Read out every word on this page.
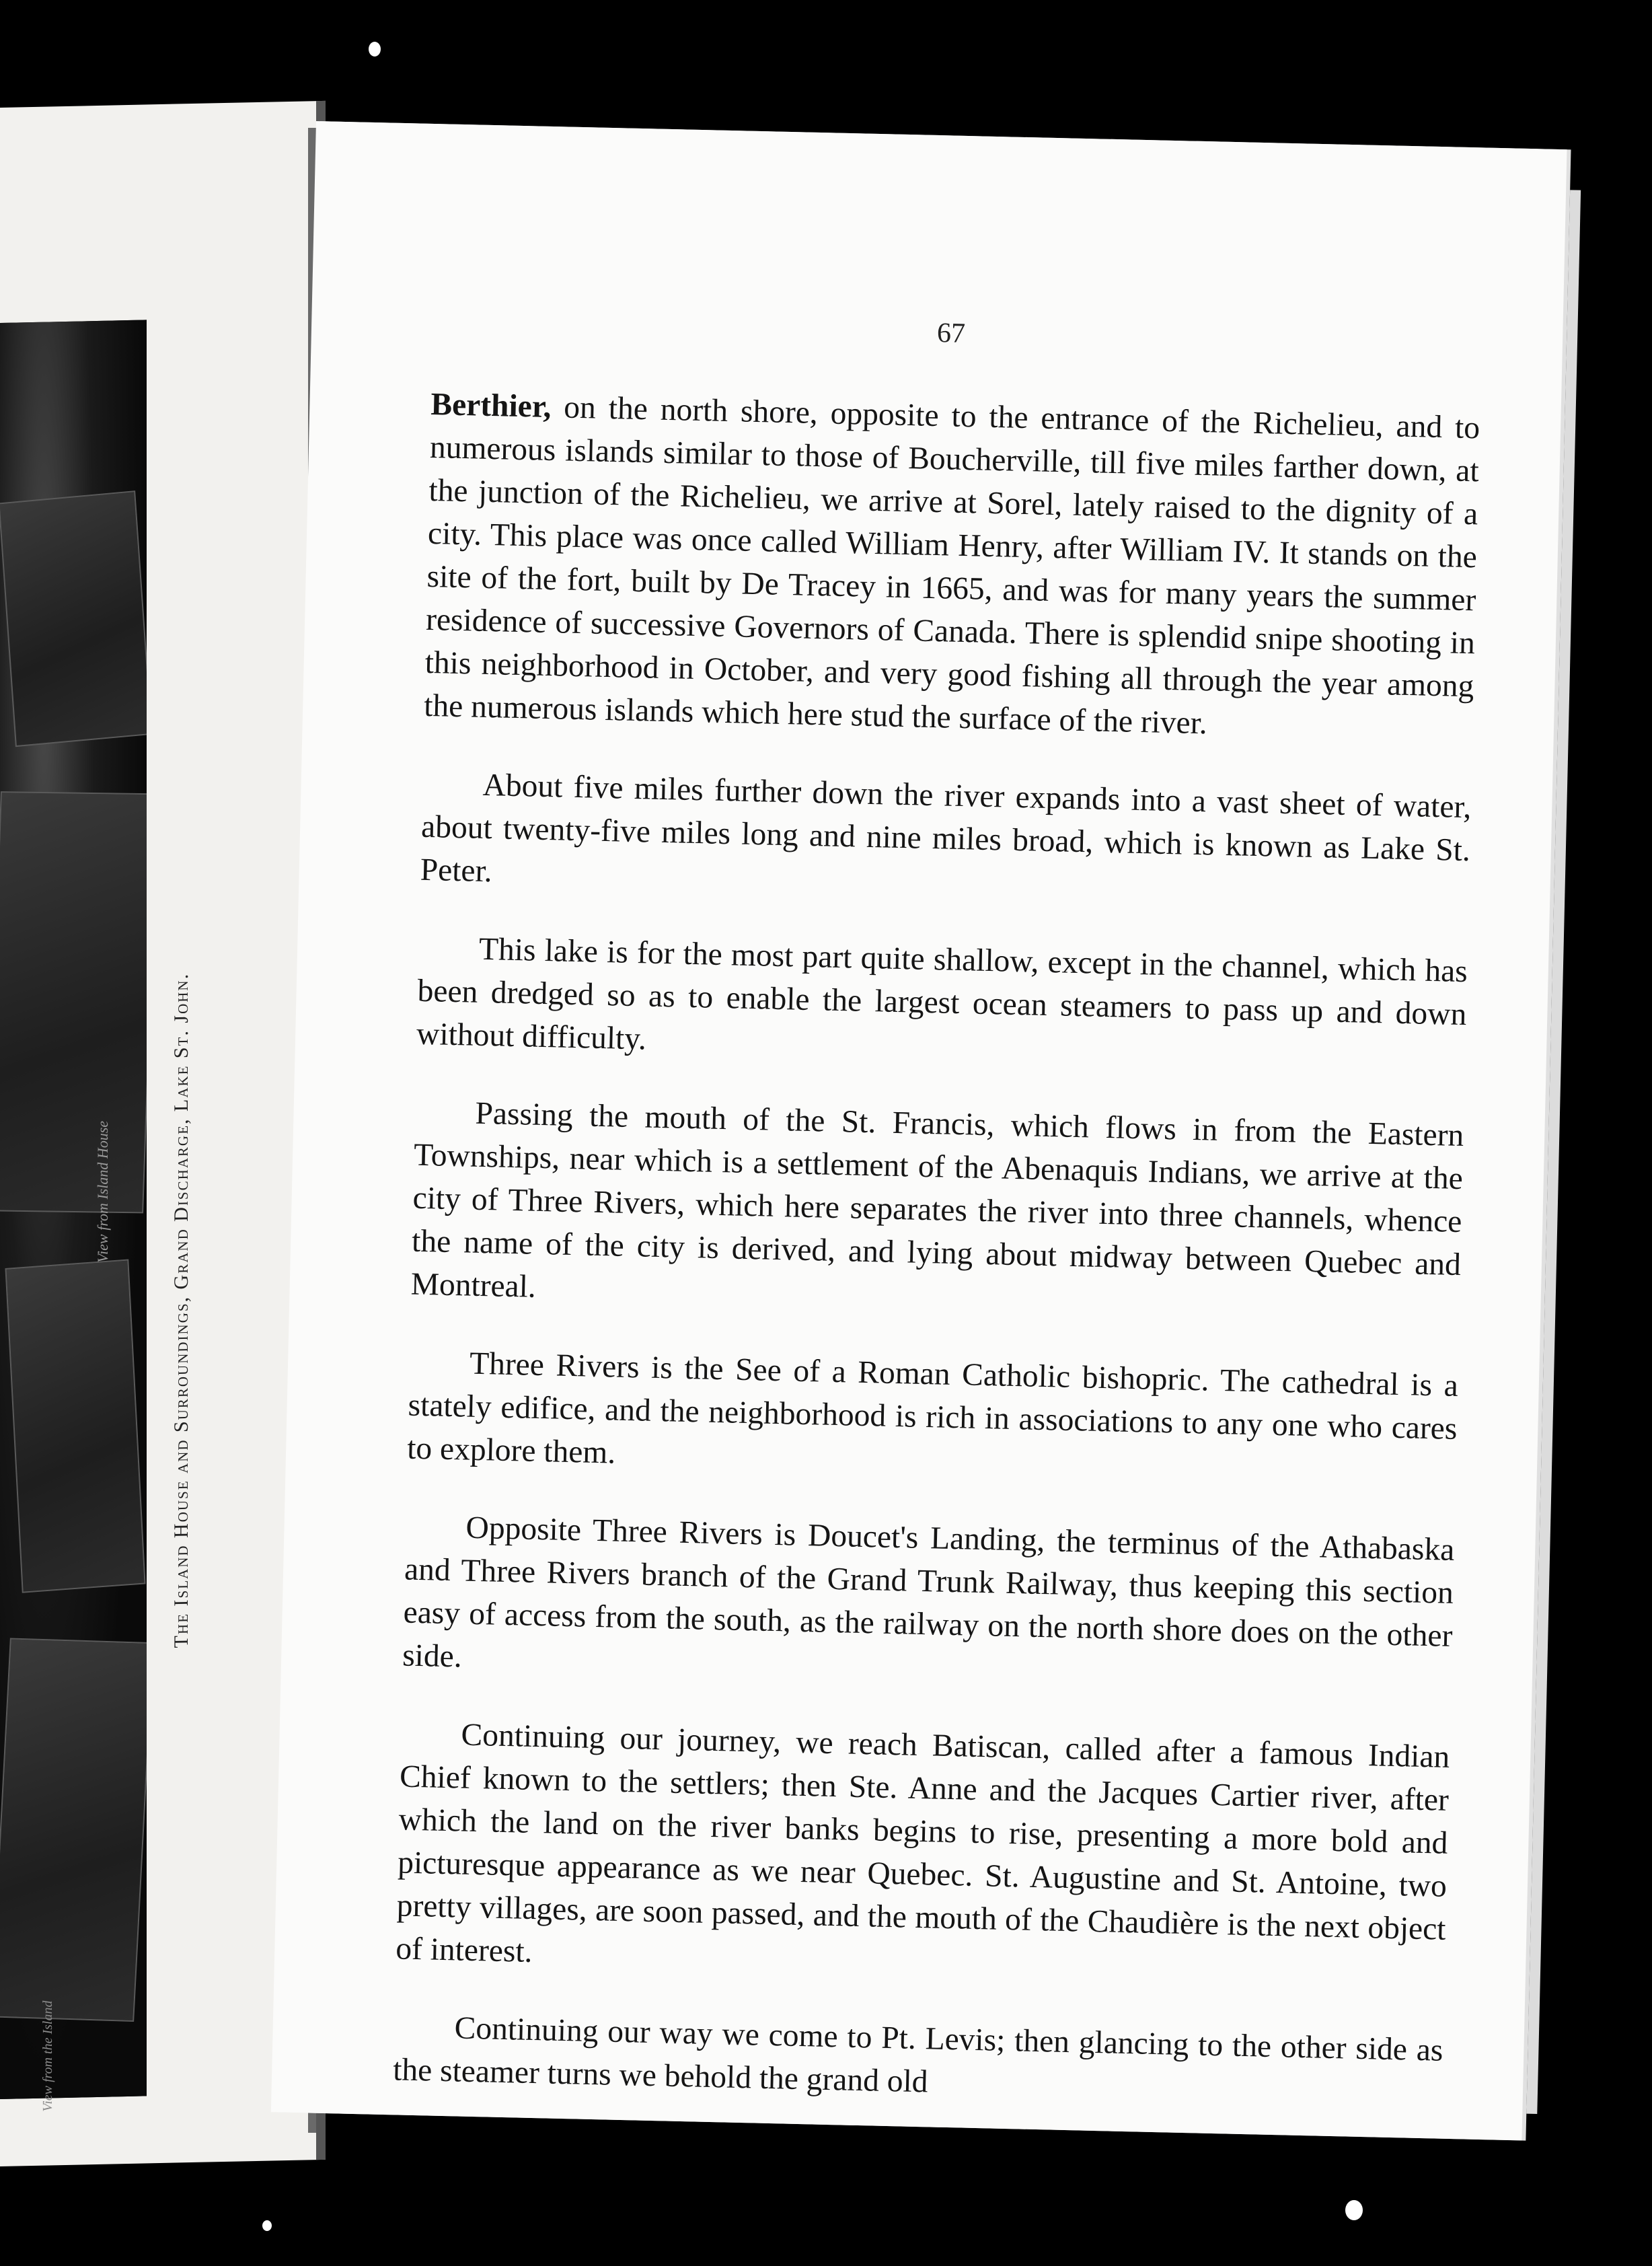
View from Island House
View from the Island
The Island House and Surroundings, Grand Discharge, Lake St. John.
67

Berthier, on the north shore, opposite to the entrance of the Richelieu, and to numerous islands similar to those of Boucherville, till five miles farther down, at the junction of the Richelieu, we arrive at Sorel, lately raised to the dignity of a city. This place was once called William Henry, after William IV. It stands on the site of the fort, built by De Tracey in 1665, and was for many years the summer residence of successive Governors of Canada. There is splendid snipe shooting in this neighborhood in October, and very good fishing all through the year among the numerous islands which here stud the surface of the river.

About five miles further down the river expands into a vast sheet of water, about twenty-five miles long and nine miles broad, which is known as Lake St. Peter.

This lake is for the most part quite shallow, except in the channel, which has been dredged so as to enable the largest ocean steamers to pass up and down without difficulty.

Passing the mouth of the St. Francis, which flows in from the Eastern Townships, near which is a settlement of the Abenaquis Indians, we arrive at the city of Three Rivers, which here separates the river into three channels, whence the name of the city is derived, and lying about midway between Quebec and Montreal.

Three Rivers is the See of a Roman Catholic bishopric. The cathedral is a stately edifice, and the neighborhood is rich in associations to any one who cares to explore them.

Opposite Three Rivers is Doucet's Landing, the terminus of the Athabaska and Three Rivers branch of the Grand Trunk Railway, thus keeping this section easy of access from the south, as the railway on the north shore does on the other side.

Continuing our journey, we reach Batiscan, called after a famous Indian Chief known to the settlers; then Ste. Anne and the Jacques Cartier river, after which the land on the river banks begins to rise, presenting a more bold and picturesque appearance as we near Quebec. St. Augustine and St. Antoine, two pretty villages, are soon passed, and the mouth of the Chaudière is the next object of interest.

Continuing our way we come to Pt. Levis; then glancing to the other side as the steamer turns we behold the grand old
